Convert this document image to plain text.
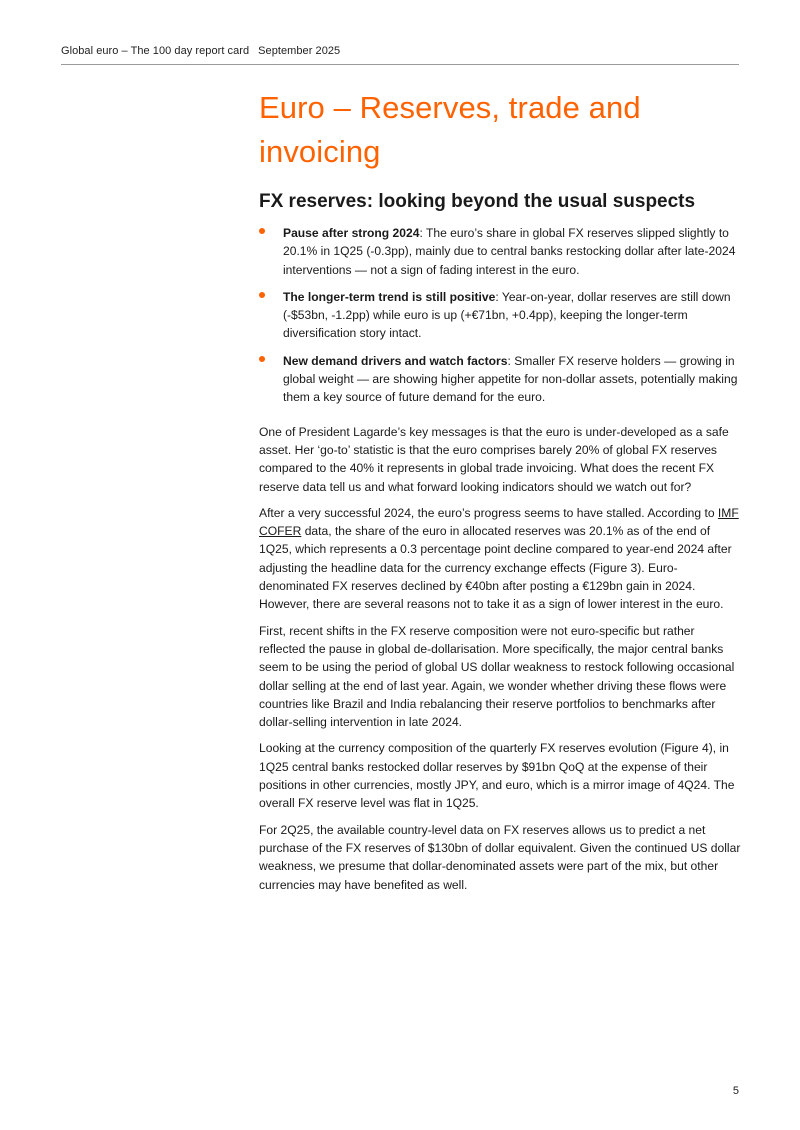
Global euro – The 100 day report card September 2025
Euro – Reserves, trade and invoicing
FX reserves: looking beyond the usual suspects
Pause after strong 2024: The euro’s share in global FX reserves slipped slightly to 20.1% in 1Q25 (-0.3pp), mainly due to central banks restocking dollar after late-2024 interventions — not a sign of fading interest in the euro.
The longer-term trend is still positive: Year-on-year, dollar reserves are still down (-$53bn, -1.2pp) while euro is up (+€71bn, +0.4pp), keeping the longer-term diversification story intact.
New demand drivers and watch factors: Smaller FX reserve holders — growing in global weight — are showing higher appetite for non-dollar assets, potentially making them a key source of future demand for the euro.

One of President Lagarde’s key messages is that the euro is under-developed as a safe asset. Her ‘go-to’ statistic is that the euro comprises barely 20% of global FX reserves compared to the 40% it represents in global trade invoicing. What does the recent FX reserve data tell us and what forward looking indicators should we watch out for?

After a very successful 2024, the euro’s progress seems to have stalled. According to IMF COFER data, the share of the euro in allocated reserves was 20.1% as of the end of 1Q25, which represents a 0.3 percentage point decline compared to year-end 2024 after adjusting the headline data for the currency exchange effects (Figure 3). Euro-denominated FX reserves declined by €40bn after posting a €129bn gain in 2024. However, there are several reasons not to take it as a sign of lower interest in the euro.

First, recent shifts in the FX reserve composition were not euro-specific but rather reflected the pause in global de-dollarisation. More specifically, the major central banks seem to be using the period of global US dollar weakness to restock following occasional dollar selling at the end of last year. Again, we wonder whether driving these flows were countries like Brazil and India rebalancing their reserve portfolios to benchmarks after dollar-selling intervention in late 2024.

Looking at the currency composition of the quarterly FX reserves evolution (Figure 4), in 1Q25 central banks restocked dollar reserves by $91bn QoQ at the expense of their positions in other currencies, mostly JPY, and euro, which is a mirror image of 4Q24. The overall FX reserve level was flat in 1Q25.

For 2Q25, the available country-level data on FX reserves allows us to predict a net purchase of the FX reserves of $130bn of dollar equivalent. Given the continued US dollar weakness, we presume that dollar-denominated assets were part of the mix, but other currencies may have benefited as well.

5
